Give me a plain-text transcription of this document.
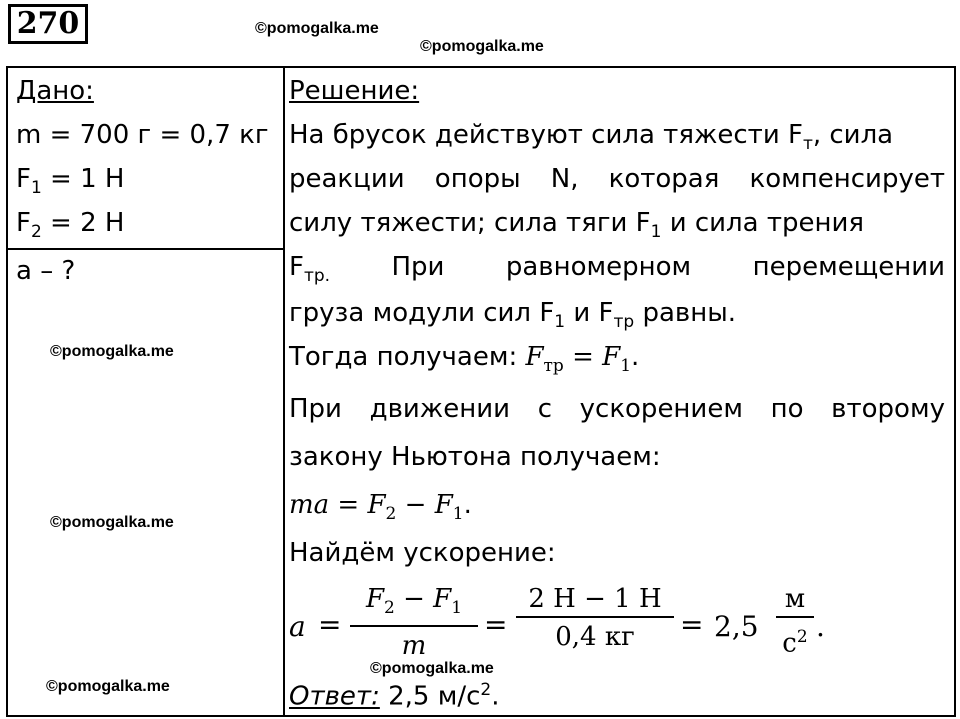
270	©pomogalka.me
©pomogalka.me
Дано:
m = 700 г = 0,7 кг
$F_1 = 1$ Н
$F_2 = 2$ Н
a – ?
©pomogalka.me
©pomogalka.me
©pomogalka.me
Решение:
На брусок действуют сила тяжести $F_т$, сила
реакции опоры N, которая компенсирует
силу тяжести; сила тяги $F_1$ и сила трения
$F_{тр.}$ При равномерном перемещении
груза модули сил $F_1$ и $F_{тр}$ равны.
Тогда получаем: $F_{тр} = F_1$.
При движении с ускорением по второму
закону Ньютона получаем:
ma = $F_2 - F_1$.
Найдём ускорение:
a =
$F_2 - F_1$
m
=
2 Н − 1 Н
0,4 кг = 2,5
м
$с^2$ .
©pomogalka.me
Ответ: 2,5 $м/с^2$.
